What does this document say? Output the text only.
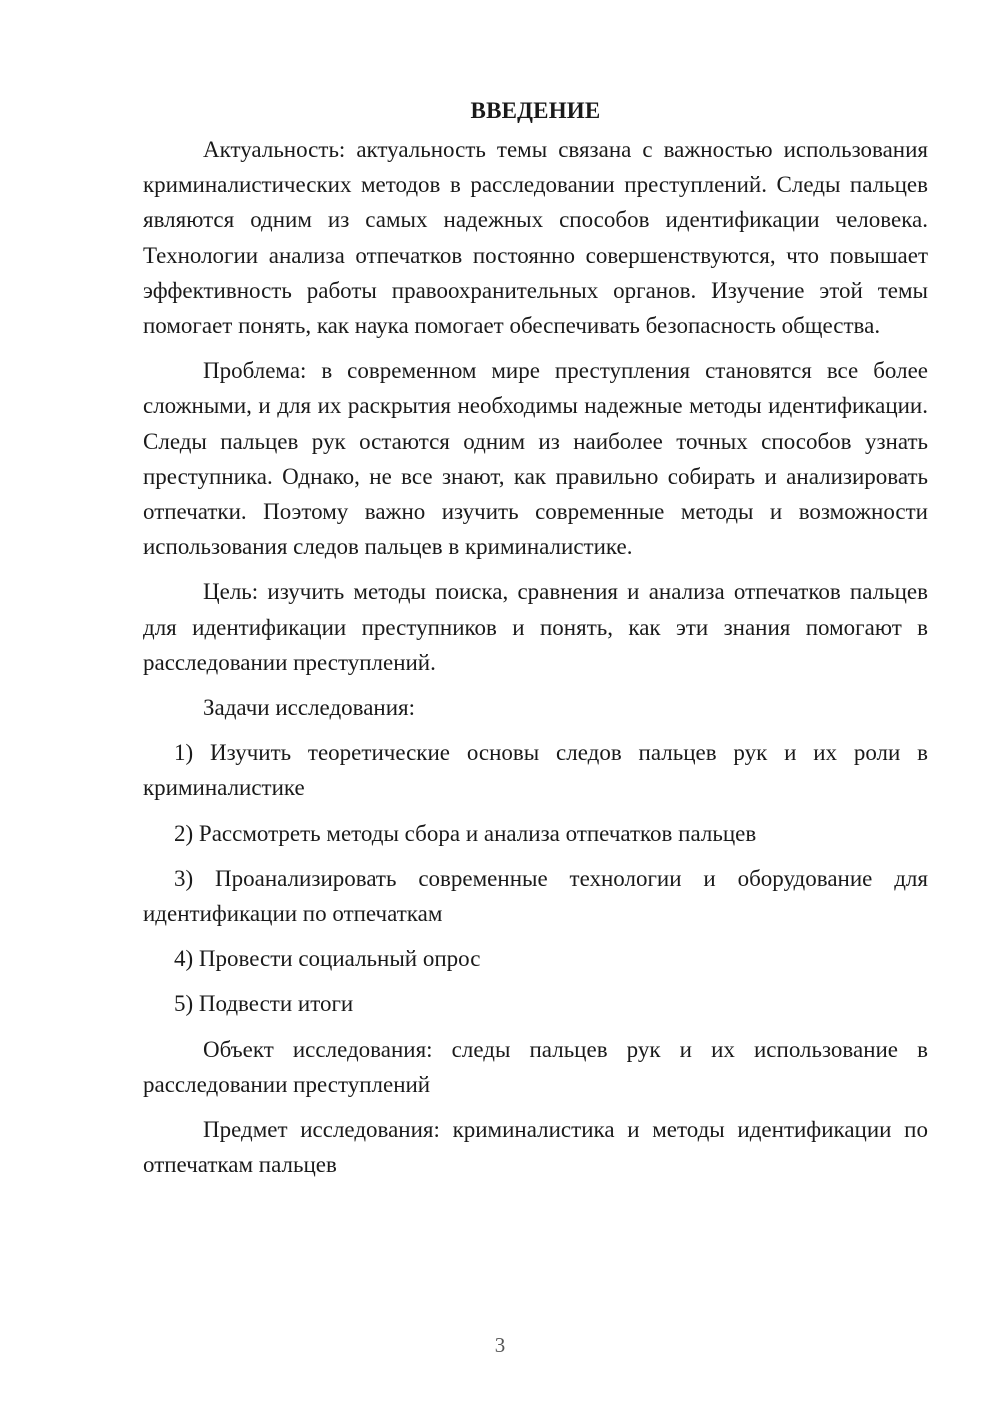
ВВЕДЕНИЕ

Актуальность: актуальность темы связана с важностью использования криминалистических методов в расследовании преступлений. Следы пальцев являются одним из самых надежных способов идентификации человека. Технологии анализа отпечатков постоянно совершенствуются, что повышает эффективность работы правоохранительных органов. Изучение этой темы помогает понять, как наука помогает обеспечивать безопасность общества.

Проблема: в современном мире преступления становятся все более сложными, и для их раскрытия необходимы надежные методы идентификации. Следы пальцев рук остаются одним из наиболее точных способов узнать преступника. Однако, не все знают, как правильно собирать и анализировать отпечатки. Поэтому важно изучить современные методы и возможности использования следов пальцев в криминалистике.

Цель: изучить методы поиска, сравнения и анализа отпечатков пальцев для идентификации преступников и понять, как эти знания помогают в расследовании преступлений.

Задачи исследования:

1) Изучить теоретические основы следов пальцев рук и их роли в криминалистике

2) Рассмотреть методы сбора и анализа отпечатков пальцев

3) Проанализировать современные технологии и оборудование для идентификации по отпечаткам

4) Провести социальный опрос

5) Подвести итоги

Объект исследования: следы пальцев рук и их использование в расследовании преступлений

Предмет исследования: криминалистика и методы идентификации по отпечаткам пальцев

3
